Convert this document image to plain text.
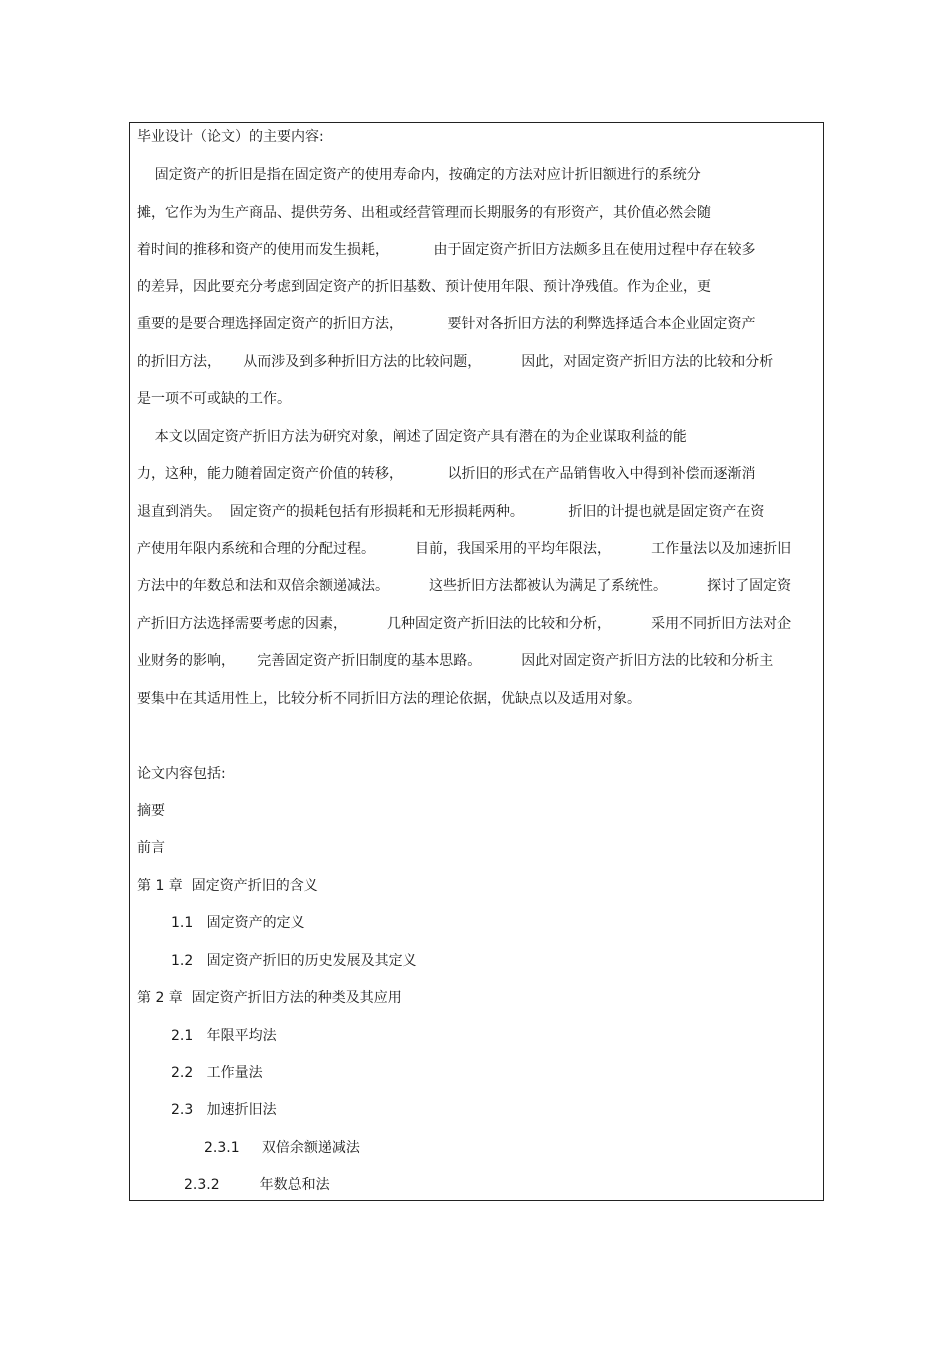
毕业设计（论文）的主要内容:
固定资产的折旧是指在固定资产的使用寿命内，按确定的方法对应计折旧额进行的系统分
摊，它作为为生产商品、提供劳务、出租或经营管理而长期服务的有形资产，其价值必然会随
着时间的推移和资产的使用而发生损耗，          由于固定资产折旧方法颇多且在使用过程中存在较多
的差异，因此要充分考虑到固定资产的折旧基数、预计使用年限、预计净残值。作为企业，更
重要的是要合理选择固定资产的折旧方法，          要针对各折旧方法的利弊选择适合本企业固定资产
的折旧方法，     从而涉及到多种折旧方法的比较问题，         因此，对固定资产折旧方法的比较和分析
是一项不可或缺的工作。
本文以固定资产折旧方法为研究对象，阐述了固定资产具有潜在的为企业谋取利益的能
力，这种，能力随着固定资产价值的转移，          以折旧的形式在产品销售收入中得到补偿而逐渐消
退直到消失。  固定资产的损耗包括有形损耗和无形损耗两种。          折旧的计提也就是固定资产在资
产使用年限内系统和合理的分配过程。         目前，我国采用的平均年限法，         工作量法以及加速折旧
方法中的年数总和法和双倍余额递减法。         这些折旧方法都被认为满足了系统性。         探讨了固定资
产折旧方法选择需要考虑的因素，         几种固定资产折旧法的比较和分析，         采用不同折旧方法对企
业财务的影响，     完善固定资产折旧制度的基本思路。         因此对固定资产折旧方法的比较和分析主
要集中在其适用性上，比较分析不同折旧方法的理论依据，优缺点以及适用对象。
论文内容包括:
摘要
前言
第 1 章  固定资产折旧的含义
1.1   固定资产的定义
1.2   固定资产折旧的历史发展及其定义
第 2 章  固定资产折旧方法的种类及其应用
2.1   年限平均法
2.2   工作量法
2.3   加速折旧法
2.3.1     双倍余额递减法
2.3.2         年数总和法
